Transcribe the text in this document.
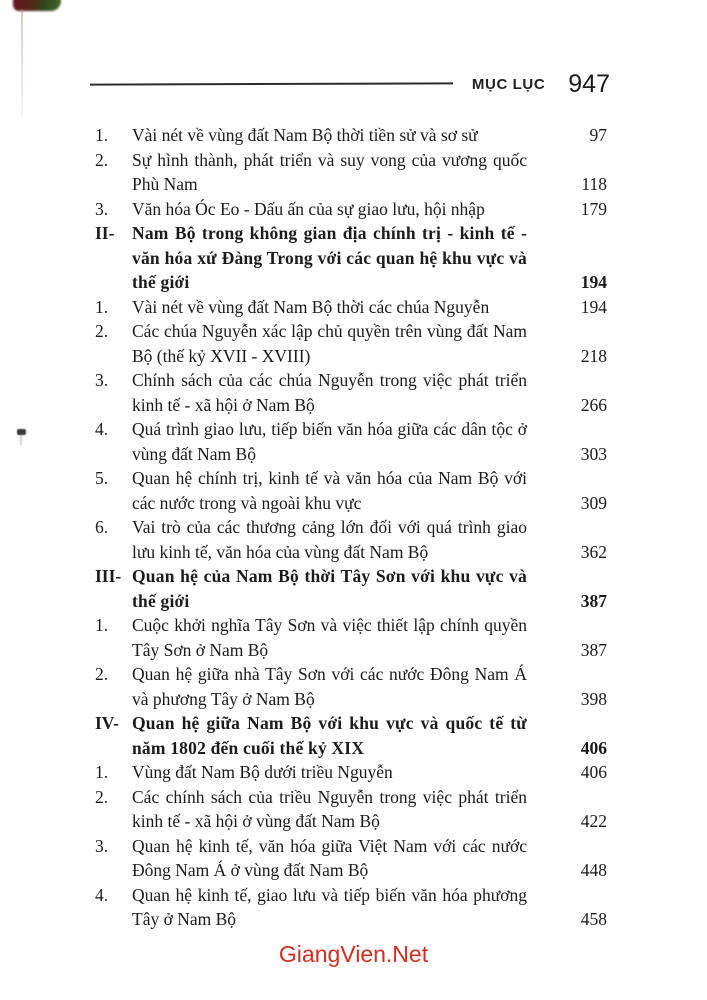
MỤC LỤC 947
1.	Vài nét về vùng đất Nam Bộ thời tiền sử và sơ sử	97
2.	Sự hình thành, phát triển và suy vong của vương quốc Phù Nam	118
3.	Văn hóa Óc Eo - Dấu ấn của sự giao lưu, hội nhập	179
II-	Nam Bộ trong không gian địa chính trị - kinh tế - văn hóa xứ Đàng Trong với các quan hệ khu vực và thế giới	194
1.	Vài nét về vùng đất Nam Bộ thời các chúa Nguyễn	194
2.	Các chúa Nguyễn xác lập chủ quyền trên vùng đất Nam Bộ (thế kỷ XVII - XVIII)	218
3.	Chính sách của các chúa Nguyễn trong việc phát triển kinh tế - xã hội ở Nam Bộ	266
4.	Quá trình giao lưu, tiếp biến văn hóa giữa các dân tộc ở vùng đất Nam Bộ	303
5.	Quan hệ chính trị, kinh tế và văn hóa của Nam Bộ với các nước trong và ngoài khu vực	309
6.	Vai trò của các thương cảng lớn đối với quá trình giao lưu kinh tế, văn hóa của vùng đất Nam Bộ	362
III- Quan hệ của Nam Bộ thời Tây Sơn với khu vực và thế giới	387
1.	Cuộc khởi nghĩa Tây Sơn và việc thiết lập chính quyền Tây Sơn ở Nam Bộ	387
2.	Quan hệ giữa nhà Tây Sơn với các nước Đông Nam Á và phương Tây ở Nam Bộ	398
IV- Quan hệ giữa Nam Bộ với khu vực và quốc tế từ năm 1802 đến cuối thế kỷ XIX	406
1.	Vùng đất Nam Bộ dưới triều Nguyễn	406
2.	Các chính sách của triều Nguyễn trong việc phát triển kinh tế - xã hội ở vùng đất Nam Bộ	422
3.	Quan hệ kinh tế, văn hóa giữa Việt Nam với các nước Đông Nam Á ở vùng đất Nam Bộ	448
4.	Quan hệ kinh tế, giao lưu và tiếp biến văn hóa phương Tây ở Nam Bộ	458
GiangVien.Net
